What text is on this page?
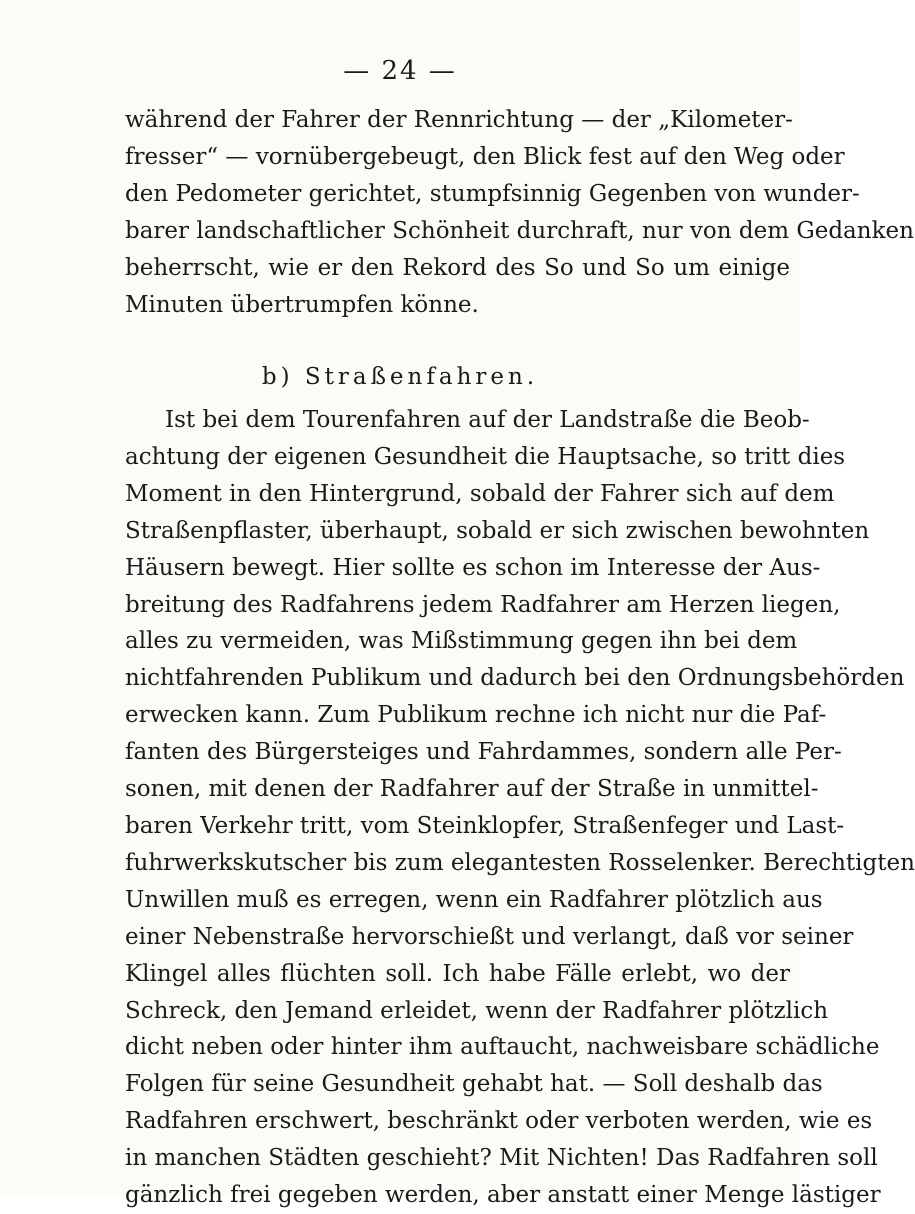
— 24 —
während der Fahrer der Rennrichtung — der „Kilometer-
fresser“ — vornübergebeugt, den Blick fest auf den Weg oder
den Pedometer gerichtet, stumpfsinnig Gegenben von wunder-
barer landschaftlicher Schönheit durchraft, nur von dem Gedanken
beherrscht, wie er den Rekord des So und So um einige
Minuten übertrumpfen könne.
b) Straßenfahren.
Ist bei dem Tourenfahren auf der Landstraße die Beob-
achtung der eigenen Gesundheit die Hauptsache, so tritt dies
Moment in den Hintergrund, sobald der Fahrer sich auf dem
Straßenpflaster, überhaupt, sobald er sich zwischen bewohnten
Häusern bewegt. Hier sollte es schon im Interesse der Aus-
breitung des Radfahrens jedem Radfahrer am Herzen liegen,
alles zu vermeiden, was Mißstimmung gegen ihn bei dem
nichtfahrenden Publikum und dadurch bei den Ordnungsbehörden
erwecken kann. Zum Publikum rechne ich nicht nur die Paf-
fanten des Bürgersteiges und Fahrdammes, sondern alle Per-
sonen, mit denen der Radfahrer auf der Straße in unmittel-
baren Verkehr tritt, vom Steinklopfer, Straßenfeger und Last-
fuhrwerkskutscher bis zum elegantesten Rosselenker. Berechtigten
Unwillen muß es erregen, wenn ein Radfahrer plötzlich aus
einer Nebenstraße hervorschießt und verlangt, daß vor seiner
Klingel alles flüchten soll. Ich habe Fälle erlebt, wo der
Schreck, den Jemand erleidet, wenn der Radfahrer plötzlich
dicht neben oder hinter ihm auftaucht, nachweisbare schädliche
Folgen für seine Gesundheit gehabt hat. — Soll deshalb das
Radfahren erschwert, beschränkt oder verboten werden, wie es
in manchen Städten geschieht? Mit Nichten! Das Radfahren soll
gänzlich frei gegeben werden, aber anstatt einer Menge lästiger
